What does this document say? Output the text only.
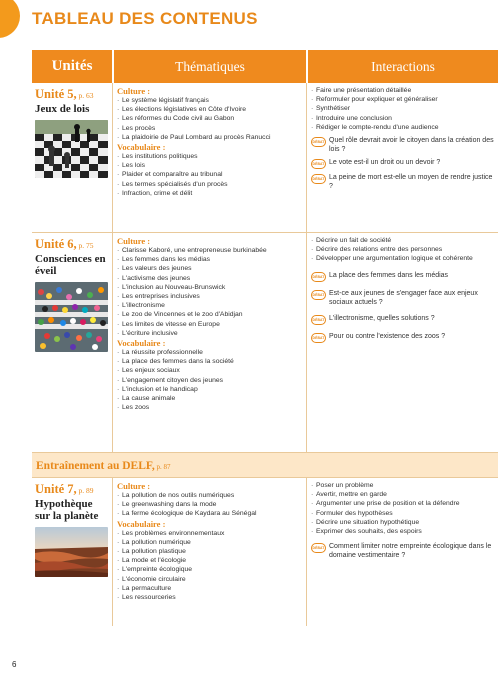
TABLEAU DES CONTENUS
Unités	Thématiques	Interactions
Unité 5, p. 63
Jeux de lois
Culture :
· Le système législatif français
· Les élections législatives en Côte d'Ivoire
· Les réformes du Code civil au Gabon
· Les procès
· La plaidoirie de Paul Lombard au procès Ranucci
Vocabulaire :
· Les institutions politiques
· Les lois
· Plaider et comparaître au tribunal
· Les termes spécialisés d'un procès
· Infraction, crime et délit
· Faire une présentation détaillée
· Reformuler pour expliquer et généraliser
· Synthétiser
· Introduire une conclusion
· Rédiger le compte-rendu d'une audience
DÉBAT Quel rôle devrait avoir le citoyen dans la création des lois ?
DÉBAT Le vote est-il un droit ou un devoir ?
DÉBAT La peine de mort est-elle un moyen de rendre justice ?
Unité 6, p. 75
Consciences en éveil
Culture :
· Clarisse Kaboré, une entrepreneuse burkinabée
· Les femmes dans les médias
· Les valeurs des jeunes
· L'activisme des jeunes
· L'inclusion au Nouveau-Brunswick
· Les entreprises inclusives
· L'illectronisme
· Le zoo de Vincennes et le zoo d'Abidjan
· Les limites de vitesse en Europe
· L'écriture inclusive
Vocabulaire :
· La réussite professionnelle
· La place des femmes dans la société
· Les enjeux sociaux
· L'engagement citoyen des jeunes
· L'inclusion et le handicap
· La cause animale
· Les zoos
· Décrire un fait de société
· Décrire des relations entre des personnes
· Développer une argumentation logique et cohérente
DÉBAT La place des femmes dans les médias
DÉBAT Est-ce aux jeunes de s'engager face aux enjeux sociaux actuels ?
DÉBAT L'illectronisme, quelles solutions ?
DÉBAT Pour ou contre l'existence des zoos ?
Entraînement au DELF, p. 87
Unité 7, p. 89
Hypothèque sur la planète
Culture :
· La pollution de nos outils numériques
· Le greenwashing dans la mode
· La ferme écologique de Kaydara au Sénégal
Vocabulaire :
· Les problèmes environnementaux
· La pollution numérique
· La pollution plastique
· La mode et l'écologie
· L'empreinte écologique
· L'économie circulaire
· La permaculture
· Les ressourceries
· Poser un problème
· Avertir, mettre en garde
· Argumenter une prise de position et la défendre
· Formuler des hypothèses
· Décrire une situation hypothétique
· Exprimer des souhaits, des espoirs
DÉBAT Comment limiter notre empreinte écologique dans le domaine vestimentaire ?
6
